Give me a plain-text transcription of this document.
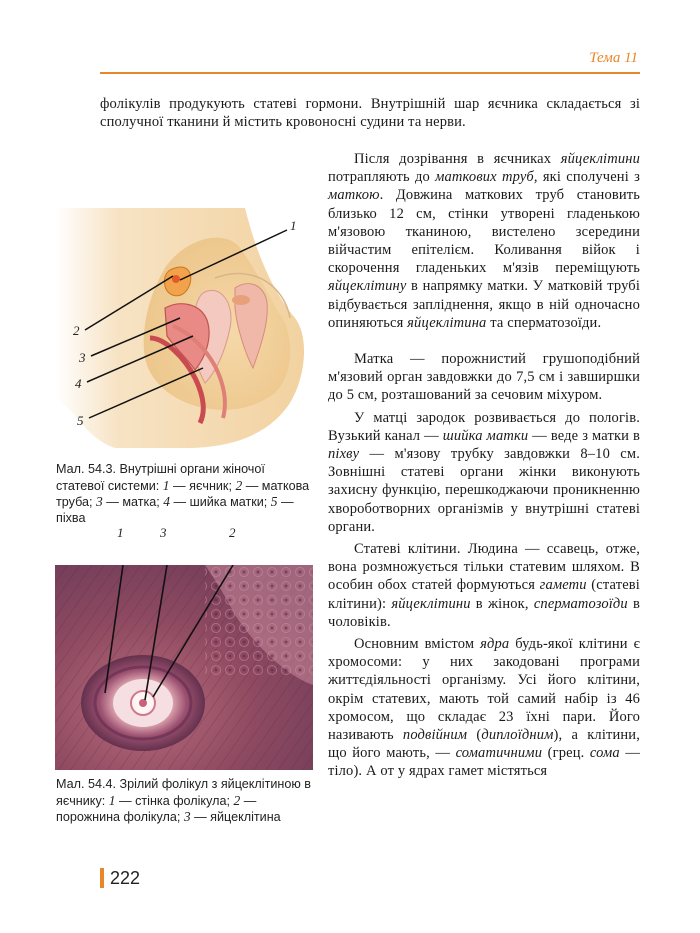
Тема 11

фолікулів продукують статеві гормони. Внутрішній шар яєчника складається зі сполучної тканини й містить кровоносні судини та нерви.

Після дозрівання в яєчниках яйцеклітини потрапляють до маткових труб, які сполучені з маткою. Довжина маткових труб становить близько 12 см, стінки утворені гладенькою м'язовою тканиною, вистелено зсередини війчастим епітелієм. Коливання війок і скорочення гладеньких м'язів переміщують яйцеклітину в напрямку матки. У матковій трубі відбувається запліднення, якщо в ній одночасно опиняються яйцеклітина та сперматозоїди.

Матка — порожнистий грушоподібний м'язовий орган завдовжки до 7,5 см і завширшки до 5 см, розташований за сечовим міхуром.

У матці зародок розвивається до пологів. Вузький канал — шийка матки — веде з матки в піхву — м'язову трубку завдовжки 8–10 см. Зовнішні статеві органи жінки виконують захисну функцію, перешкоджаючи проникненню хвороботворних організмів у внутрішні статеві органи.

Статеві клітини. Людина — ссавець, отже, вона розмножується тільки статевим шляхом. В особин обох статей формуються гамети (статеві клітини): яйцеклітини в жінок, сперматозоїди в чоловіків.

Основним вмістом ядра будь-якої клітини є хромосоми: у них закодовані програми життєдіяльності організму. Усі його клітини, окрім статевих, мають той самий набір із 46 хромосом, що складає 23 їхні пари. Його називають подвійним (диплоїдним), а клітини, що його мають, — соматичними (грец. сома — тіло). А от у ядрах гамет містяться

1
2
3
4
5
Мал. 54.3. Внутрішні органи жіночої статевої системи: 1 — яєчник; 2 — маткова труба; 3 — матка; 4 — шийка матки; 5 — піхва
1	3	2
Мал. 54.4. Зрілий фолікул з яйцеклітиною в яєчнику: 1 — стінка фолікула; 2 — порожнина фолікула; 3 — яйцеклітина
222
